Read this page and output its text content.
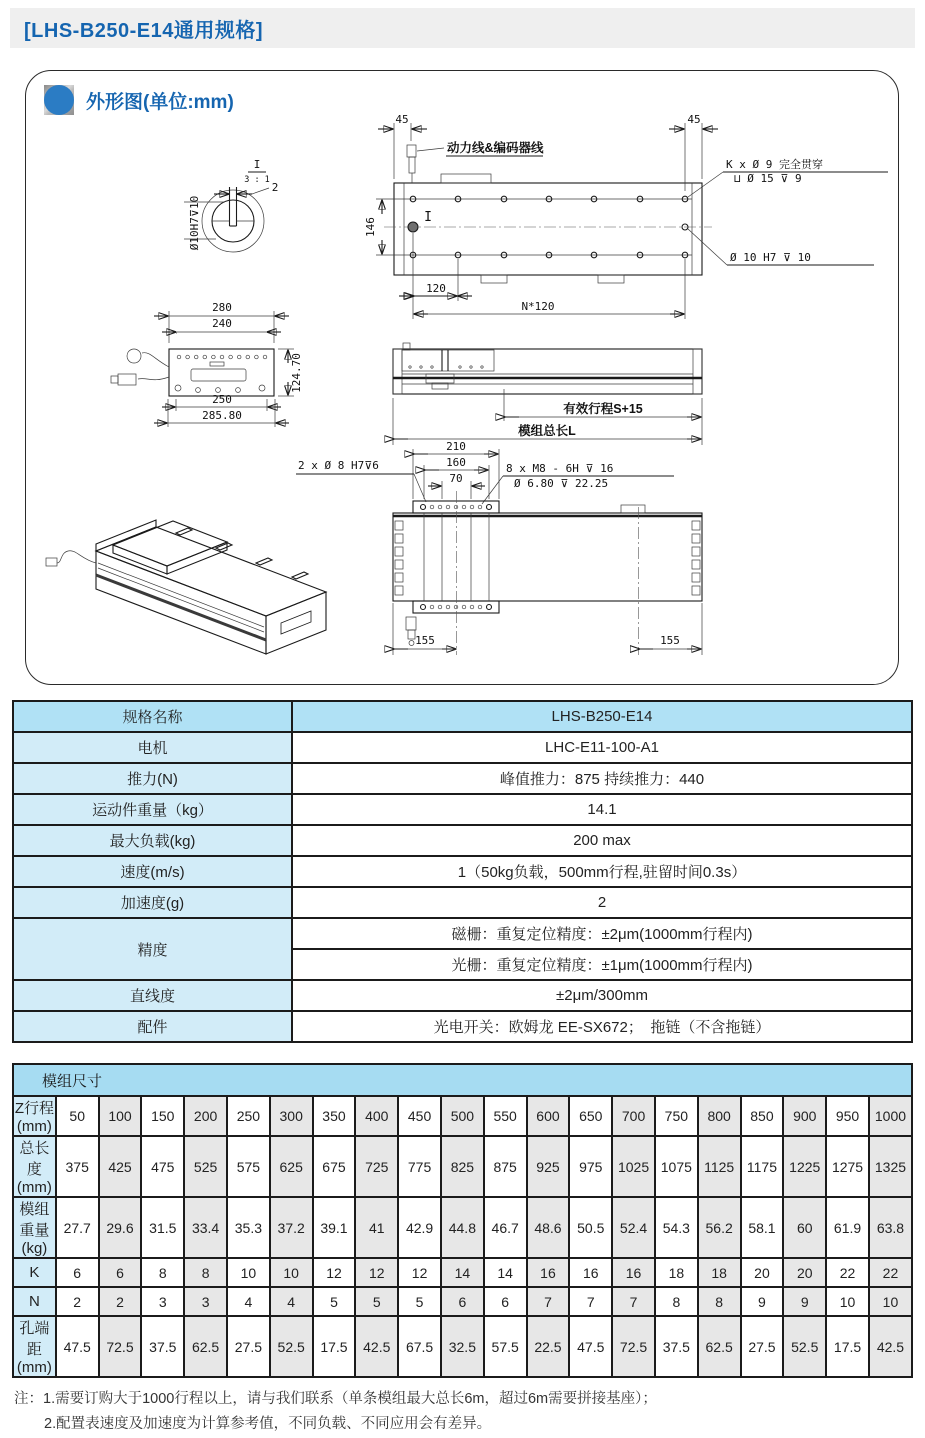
[LHS-B250-E14通用规格]
外形图(单位:mm)
I
3 : 1
2
Ø10H7⊽10	I
动力线&编码器线
45	45
K x Ø 9 完全贯穿
⊔ Ø 15 ⊽ 9
Ø 10 H7 ⊽ 10
146
120
N*120
280
240
250
285.80
124.70
有效行程S+15
模组总长L
210
160
70
2 x Ø 8 H7⊽6	8 x M8 - 6H ⊽ 16
Ø 6.80 ⊽ 22.25
155	155
规格名称	LHS-B250-E14
电机	LHC-E11-100-A1
推力(N)	峰值推力：875 持续推力：440
运动件重量（kg）	14.1
最大负载(kg)	200 max
速度(m/s)	1（50kg负载，500mm行程,驻留时间0.3s）
加速度(g)	2
精度	磁栅：重复定位精度：±2μm(1000mm行程内)
	光栅：重复定位精度：±1μm(1000mm行程内)
直线度	±2μm/300mm
配件	光电开关：欧姆龙 EE-SX672；　拖链（不含拖链）
模组尺寸																				
Z行程(mm)	50	100	150	200	250	300	350	400	450	500	550	600	650	700	750	800	850	900	950	1000
总长度(mm)	375	425	475	525	575	625	675	725	775	825	875	925	975	1025	1075	1125	1175	1225	1275	1325
模组重量(kg)	27.7	29.6	31.5	33.4	35.3	37.2	39.1	41	42.9	44.8	46.7	48.6	50.5	52.4	54.3	56.2	58.1	60	61.9	63.8
K	6	6	8	8	10	10	12	12	12	14	14	16	16	16	18	18	20	20	22	22
N	2	2	3	3	4	4	5	5	5	6	6	7	7	7	8	8	9	9	10	10
孔端距(mm)	47.5	72.5	37.5	62.5	27.5	52.5	17.5	42.5	67.5	32.5	57.5	22.5	47.5	72.5	37.5	62.5	27.5	52.5	17.5	42.5
注：1.需要订购大于1000行程以上，请与我们联系（单条模组最大总长6m，超过6m需要拼接基座）；
2.配置表速度及加速度为计算参考值，不同负载、不同应用会有差异。
